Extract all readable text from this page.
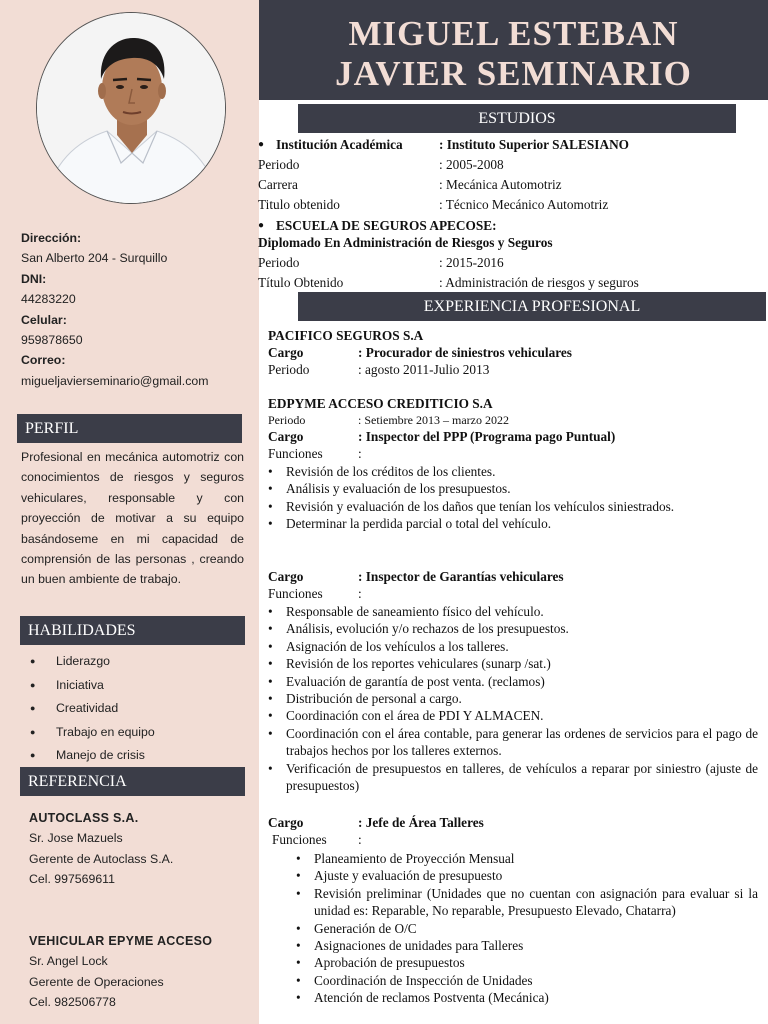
Dirección:
San Alberto 204 - Surquillo
DNI:
44283220
Celular:
959878650
Correo:
migueljavierseminario@gmail.com
PERFIL

Profesional en mecánica automotriz con conocimientos de riesgos y seguros vehiculares, responsable y con proyección de motivar a su equipo basándoseme en mi capacidad de comprensión de las personas , creando un buen ambiente de trabajo.

HABILIDADES
●	Liderazgo
●	Iniciativa
●	Creatividad
●	Trabajo en equipo
●	Manejo de crisis
REFERENCIA
AUTOCLASS S.A.
Sr. Jose Mazuels
Gerente de Autoclass S.A.
Cel. 997569611
VEHICULAR EPYME ACCESO
Sr. Angel Lock
Gerente de Operaciones
Cel. 982506778
MIGUEL ESTEBAN
JAVIER SEMINARIO
ESTUDIOS
● Institución Académica	: Instituto Superior SALESIANO
Periodo	: 2005-2008
Carrera	: Mecánica Automotriz
Titulo obtenido	: Técnico Mecánico Automotriz
● ESCUELA DE SEGUROS APECOSE:
Diplomado En Administración de Riesgos y Seguros
Periodo	: 2015-2016
Título Obtenido	: Administración de riesgos y seguros
EXPERIENCIA PROFESIONAL
PACIFICO SEGUROS S.A
Cargo	: Procurador de siniestros vehiculares
Periodo	: agosto 2011-Julio 2013
EDPYME ACCESO CREDITICIO S.A
Periodo	: Setiembre 2013 – marzo 2022
Cargo	: Inspector del PPP (Programa pago Puntual)
Funciones	:
• Revisión de los créditos de los clientes.
• Análisis y evaluación de los presupuestos.
• Revisión y evaluación de los daños que tenían los vehículos siniestrados.
• Determinar la perdida parcial o total del vehículo.
Cargo	: Inspector de Garantías vehiculares
Funciones	:
• Responsable de saneamiento físico del vehículo.
• Análisis, evolución y/o rechazos de los presupuestos.
• Asignación de los vehículos a los talleres.
• Revisión de los reportes vehiculares (sunarp /sat.)
• Evaluación de garantía de post venta. (reclamos)
• Distribución de personal a cargo.
• Coordinación con el área de PDI Y ALMACEN.
• Coordinación con el área contable, para generar las ordenes de servicios para el pago de trabajos hechos por los talleres externos.
• Verificación de presupuestos en talleres, de vehículos a reparar por siniestro (ajuste de presupuestos)
Cargo	: Jefe de Área Talleres
Funciones :
• Planeamiento de Proyección Mensual
• Ajuste y evaluación de presupuesto
• Revisión preliminar (Unidades que no cuentan con asignación para evaluar si la unidad es: Reparable, No reparable, Presupuesto Elevado, Chatarra)
• Generación de O/C
• Asignaciones de unidades para Talleres
• Aprobación de presupuestos
• Coordinación de Inspección de Unidades
• Atención de reclamos Postventa (Mecánica)
